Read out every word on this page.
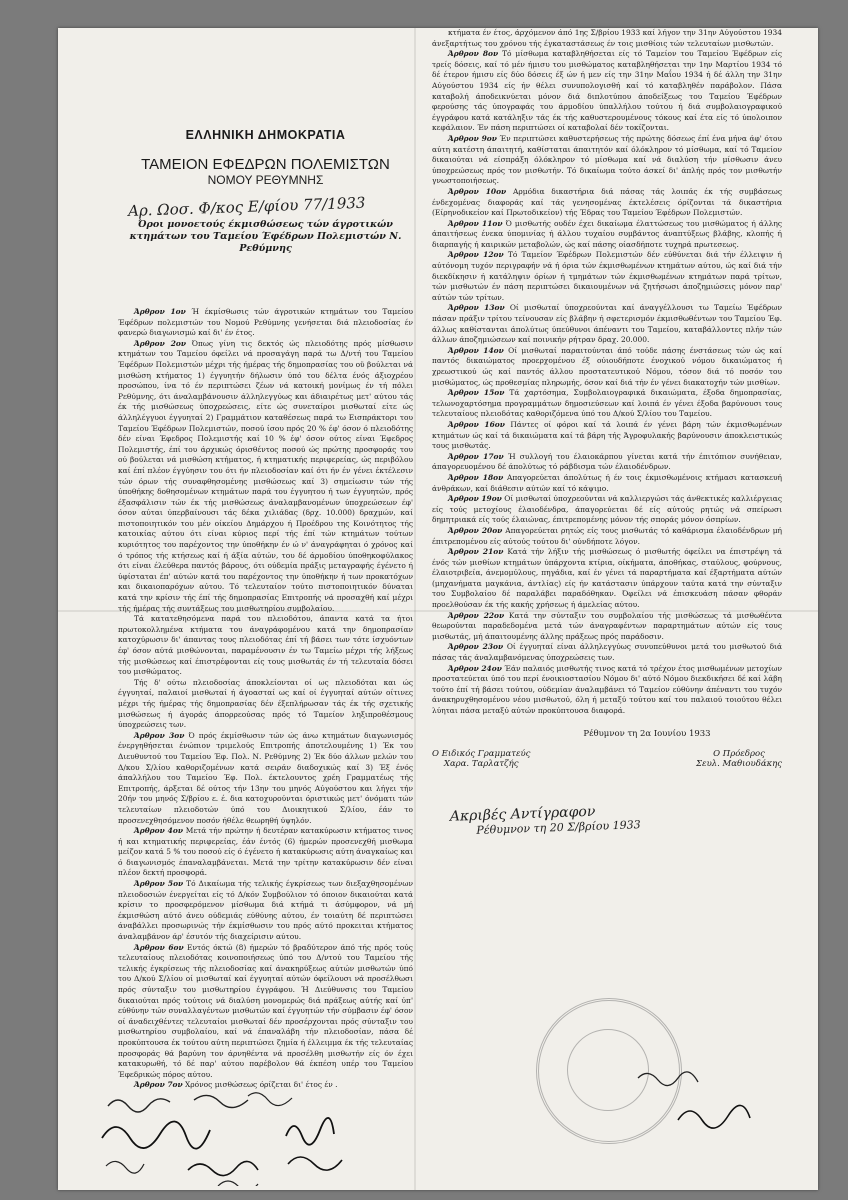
ΕΛΛΗΝΙΚΗ ΔΗΜΟΚΡΑΤΙΑ
ΤΑΜΕΙΟΝ ΕΦΕΔΡΩΝ ΠΟΛΕΜΙΣΤΩΝ
ΝΟΜΟΥ ΡΕΘΥΜΝΗΣ
Αρ. Ωοσ. Φ/κος Ε/φίου 77/1933
Όροι μονοετούς έκμισθώσεως τών άγροτικών κτημάτων του Ταμείου Έφέδρων Πολεμιστών Ν. Ρεθύμνης

Άρθρον 1ον Ή έκμίσθωσις τών άγροτικών κτημάτων του Ταμείου Έφέδρων πολεμιστών του Νομού Ρεθύμνης γενήσεται διά πλειοδοσίας έν φανερώ διαγωνισμώ καί δι' έν έτος.

Άρθρον 2ον Όπως γίνη τις δεκτός ώς πλειοδότης πρός μίσθωσιν κτημάτων του Ταμείου όφείλει νά προσαγάγη παρά τω Δ/ντή του Ταμείου Έφέδρων Πολεμιστών μέχρι τής ήμέρας τής δημοπρασίας του οϋ βούλεται νά μισθώση κτήματος 1) έγγυητήν δήλωσιν ύπό του δέλτα ένός άξιοχρέου προσώπου, ίνα τό έν περιπτώσει ζέων νά κατοική μονίμως έν τή πόλει Ρεθύμνης, ότι άναλαμβάνουσιν άλληλεγγύως και άδιαιρέτως μετ' αύτου τάς έκ τής μισθώσεως ύποχρεώσεις, είτε ώς συνεταίροι μισθωταί είτε ώς άλληλέγγυοι έγγυηταί 2) Γραμμάτιον καταθέσεως παρά τω Εισπράκτορι του Ταμείου Έφέδρων Πολεμιστών, ποσού ίσου πρός 20 % έφ' όσον ό πλειοδότης δέν είναι Έφεδρος Πολεμιστής καί 10 % έφ' όσον ούτος είναι Έφεδρος Πολεμιστής, έπί του άρχικώς όρισθέντος ποσού ώς πρώτης προσφοράς του ού βούλεται νά μισθώση κτήματος, ή κτηματικής περιφερείας, ώς περιβόλου καί έπί πλέον έγγύησιν του ότι ήν πλειοδοσίαν καί ότι ήν έν γένει έκτέλεσιν τών όρων τής συναφθησομένης μισθώσεως καί 3) σημείωσιν τών τής ύποθήκης δοθησομένων κτημάτων παρά του έγγυητου ή των έγγυητών, πρός έξασφάλισιν τών έκ τής μισθώσεως άναλαμβανομένων ύποχρεώσεων έφ' όσον αύται ύπερβαίνουσι τάς δέκα χιλιάδας (δρχ. 10.000) δραχμών, καί πιστοποιητικόν του μέν οίκείου Δημάρχου ή Προέδρου της Κοινότητος τής κατοικίας αύτου ότι είναι κύριος περί τής έπί τών κτημάτων τούτων κυριότητος του παρέχοντος την ύποθήκην έν ώ ν' άναγράφηται ό χρόνος καί ό τρόπος τής κτήσεως καί ή άξία αύτών, του δέ άρμοδίου ύποθηκοφύλακος ότι είναι έλεύθερα παντός βάρους, ότι ούδεμία πράξις μεταγραφής έγένετο ή ύφίσταται έπ' αύτών κατά του παρέχοντος την ύποθήκην ή των προκατόχων και δικαιοπαρόχων αύτου. Τό τελευταίον τούτο πιστοποιητικόν δύναται κατά την κρίσιν τής έπί τής δημοπρασίας Επιτροπής νά προσαχθή καί μέχρι τής ήμέρας τής συντάξεως του μισθωτηρίου συμβολαίου.

Τά κατατεθησόμενα παρά του πλειοδότου, άπαντα κατά τα ήτοι πρωτοκολλημένα κτήματα του άναγράφομένου κατά την δημοπρασίαν κατοχύρωσιν δι' άπαντας τους πλειοδότας έπί τή βάσει των τότε ίσχυόντων έφ' όσον αύτά μισθώνονται, παραμένουσιν έν τω Ταμείω μέχρι τής λήξεως τής μισθώσεως καί έπιστρέφονται είς τους μισθωτάς έν τή τελευταία δόσει του μισθώματος.

Τής δ' ούτω πλειοδοσίας άποκλείονται οί ως πλειοδόται και ώς έγγυηταί, παλαιοί μισθωταί ή άγοασταί ως καί οί έγγυηταί αύτών οίτινες μέχρι τής ήμέρας τής δημοπρασίας δέν έξεπλήρωσαν τάς έκ τής σχετικής μισθώσεως ή άγοράς άπορρεούσας πρός τό Ταμείον ληξιπροθέσμους ύποχρεώσεις των.

Άρθρον 3ον Ό πρός έκμίσθωσιν τών ώς άνω κτημάτων διαγωνισμός ένεργηθήσεται ένώπιον τριμελούς Επιτροπής άποτελουμένης 1) Έκ του Διευθυντού του Ταμείου Έφ. Πολ. Ν. Ρεθύμνης 2) Έκ δύο άλλων μελών του Δ/κου Σ/λίου καθοριζομένων κατά σειράν διαδοχικώς καί 3) Έξ ένός άπαλλήλου του Ταμείου Έφ. Πολ. έκτελουντος χρέη Γραμματέως τής Επιτροπής, άρξεται δέ ούτος τήν 13ην του μηνός Αύγούστου και λήγει τήν 20ήν του μηνός Σ/βρίου ε. έ. δια κατοχυρούνται όριστικώς μετ' όνόματι τών τελευταίων πλειοδοτών ύπό του Διοικητικού Σ/λίου, έάν το προσενεχθησόμενον ποσόν ήθέλε θεωρηθή ύψηλόν.

Άρθρον 4ον Μετά τήν πρώτην ή δευτέραν κατακύρωσιν κτήματος τινος ή και κτηματικής περιφερείας, έάν έντός (6) ήμερών προσενεχθή μισθωμα μείζον κατά 5 % του ποσού είς ό έγένετο ή κατακύρωσις αύτη άναγκαίως και ό διαγωνισμός έπαναλαμβάνεται. Μετά την τρίτην κατακύρωσιν δέν είναι πλέον δεκτή προσφορά.

Άρθρον 5ον Τό Δικαίωμα τής τελικής έγκρίσεως των διεξαχθησομένων πλειοδοσιών ένεργείται είς τό Δ/κόν Συμβούλιον τό όποιον δικαιούται κατά κρίσιν το προσφερόμενον μίσθωμα διά κτήμά τι άσύμφορον, νά μή έκμισθώση αύτό άνευ ούδεμιάς εύθύνης αύτου, έν τοιαύτη δέ περιπτώσει άναβάλλει προσωρινώς τήν έκμίσθωσιν του πρός αύτό προκειται κτήματος άναλαμβάνον άρ' έσυτόν τής διαχείρισιν αύτου.

Άρθρον 6ον Εντός όκτώ (8) ήμερών τό βραδύτερον άπό τής πρός τούς τελευταίους πλειοδότας κοινοποιήσεως ύπό του Δ/ντού του Ταμείου τής τελικής έγκρίσεως τής πλειοδοσίας καί άνακηρύξεως αύτών μισθωτών ύπό του Δ/κού Σ/λίου οί μισθωταί καί έγγυηταί αύτών όφείλουσι νά προσέλθωσι πρός σύνταξιν του μισθωτηρίου έγγράφου. Ή Διεύθυνσις του Ταμείου δικαιούται πρός τούτοις νά διαλύση μονομερώς διά πράξεως αύτής καί ύπ' εύθύνην τών συναλλαγέντων μισθωτών καί έγγυητών τήν σύμβασιν έφ' όσον οί άναδειχθέντες τελευταίοι μισθωταί δέν προσέρχονται πρός σύνταξιν του μισθωτηρίου συμβολαίου, καί νά έπαναλάβη τήν πλειοδοσίαν, πάσα δέ προκύπτουσα έκ τούτου αύτη περιπτώσει ζημία ή έλλειμμα έκ τής τελευταίας προσφοράς θά βαρύνη τον άρνηθέντα νά προσέλθη μισθωτήν είς όν έχει κατακυρωθή, τό δέ παρ' αύτου παρέβολον θά έκπέση υπέρ του Ταμείου Έφεδρικώς πόρος αύτου.

Άρθρον 7ον Χρόνος μισθώσεως όρίζεται δι' έτος έν .

κτήματα έν έτος, άρχόμενον άπό 1ης Σ/βρίου 1933 καί λήγον την 31ην Αύγούστου 1934 άνεξαρτήτως του χρόνου τής έγκαταστάσεως έν τοις μισθίοις τών τελευταίων μισθωτών.

Άρθρον 8ον Τό μίσθωμα καταβληθήσεται είς τό Ταμείον του Ταμείου Έφέδρων είς τρείς δόσεις, καί τό μέν ήμισυ του μισθώματος καταβληθήσεται την 1ην Μαρτίου 1934 τό δέ έτερον ήμισυ είς δύο δόσεις έξ ών ή μεν είς την 31ην Μαΐου 1934 ή δέ άλλη την 31ην Αύγούστου 1934 είς ήν θέλει συνυπολογισθή καί τό καταβληθέν παράβολον. Πάσα καταβολή άποδεικνύεται μόνον διά διπλοτύπου άποδείξεως του Ταμείου Έφέδρων φερούσης τάς ύπογραφάς του άρμοδίου ύπαλλήλου τούτου ή διά συμβολαιογραφικού έγγράφου κατά κατάληξιν τάς έκ τής καθυστερουμένους τόκους καί έτα είς τό ύπολοιπον κεφάλαιον. Έν πάση περιπτώσει οί καταβολαί δέν τοκίζονται.

Άρθρον 9ον Έν περιπτώσει καθυστερήσεως τής πρώτης δόσεως έπί ένα μήνα άφ' ότου αύτη κατέστη άπαιτητή, καθίσταται άπαιτητόν καί όλόκληρον τό μίσθωμα, καί τό Ταμείον δικαιούται νά είσπράξη όλόκληρον τό μίσθωμα καί νά διαλύση τήν μίσθωσιν άνευ ύποχρεώσεως πρός τον μισθωτήν. Τό δικαίωμα τούτο άσκεί δι' άπλής πρός τον μισθωτήν γνωστοποιήσεως.

Άρθρον 10ον Αρμόδια δικαστήρια διά πάσας τάς λοιπάς έκ τής συμβάσεως ένδεχομένας διαφοράς καί τάς γενησομένας έκτελέσεις όρίζονται τά δικαστήρια (Είρηνοδικείον καί Πρωτοδικείον) τής Έδρας του Ταμείου Έφέδρων Πολεμιστών.

Άρθρον 11ον Ό μισθωτής ουδέν έχει δικαίωμα έλαττώσεως του μισθώματος ή άλλης άπαιτήσεως ένεκα ύπομινίας ή άλλου τυχαίου συμβάντος άναπτύξεως βλάβης, κλοπής ή διαρπαγής ή καιρικών μεταβολών, ώς καί πάσης οίασδήποτε τυχηρά πρωτεσεως.

Άρθρον 12ον Τό Ταμείον Έφέδρων Πολεμιστών δέν εύθύνεται διά τήν έλλειψιν ή αύτόνομη τυχόν περιγραφήν νά ή όρια τών έκμισθωμένων κτημάτων αύτου, ώς καί διά τήν διεκδίκησιν ή κατάληψιν όρίων ή τμημάτων τών έκμισθωμένων κτημάτων παρά τρίτων, τών μισθωτών έν πάση περιπτώσει δικαιουμένων νά ζητήσωσι άποζημιώσεις μόνον παρ' αύτών τών τρίτων.

Άρθρον 13ον Οί μισθωταί ύποχρεούνται καί άναγγέλλουσι τω Ταμείω Έφέδρων πάσαν πράξιν τρίτου τείνουσαν είς βλάβην ή σφετερισμόν έκμισθωθέντων του Ταμείου Έφ. άλλως καθίστανται άπολύτως ύπεύθυνοι άπέναντι του Ταμείου, καταβάλλοντες πλήν τών άλλων άποζημιώσεων καί ποινικήν ρήτραν δραχ. 20.000.

Άρθρον 14ον Οί μισθωταί παραιτούνται άπό τούδε πάσης ένστάσεως τών ώς καί παντός δικαιώματος προερχομένου έξ ούιουδήποτε ένοχικού νόμου δικαιώματος ή χρεωστικού ώς καί παντός άλλου προστατευτικού Νόμου, τόσον διά τό ποσόν του μισθώματος, ώς προθεσμίας πληρωμής, όσον καί διά τήν έν γένει διακατοχήν τών μισθίων.

Άρθρον 15ον Τά χαρτόσημα, Συμβολαιογραφικά δικαιώματα, έξοδα δημοπρασίας, τελωνοχαρτόσημα προγραμμάτων δημοσιεύσεων καί λοιπά έν γένει έξοδα βαρύνουσι τους τελευταίους πλειοδότας καθοριζόμενα ύπό του Δ/κού Σ/λίου του Ταμείου.

Άρθρον 16ον Πάντες οί φόροι καί τά λοιπά έν γένει βάρη τών έκμισθωμένων κτημάτων ώς καί τά δικαιώματα καί τά βάρη τής Άγροφυλακής βαρύνουσιν άποκλειστικώς τους μισθωτάς.

Άρθρον 17ον Ή συλλογή του έλαιοκάρπου γίνεται κατά τήν έπιτόπιον συνήθειαν, άπαγορευομένου δέ άπολύτως τό ράβδισμα τών έλαιοδένδρων.

Άρθρον 18ον Απαγορεύεται άπολύτως ή έν τοις έκμισθωμένοις κτήμασι κατασκευή άνθράκων, καί διάθεσιν αύτών καί τό κάψιμο.

Άρθρον 19ον Οί μισθωταί ύποχρεούνται νά καλλιεργώσι τάς άνθεκτικές καλλιέργειας είς τούς μετοχίους έλαιοδένδρα, άπαγορεύεται δέ είς αύτούς ρητώς νά σπείρωσι δημητριακά είς τούς έλαιώνας, έπιτρεπομένης μόνον τής σποράς μόνον όσπρίων.

Άρθρον 20ον Απαγορεύεται ρητώς είς τους μισθωτάς τό καθάρισμα έλαιοδένδρων μή έπιτρεπομένου είς αύτούς τούτου δι' ούνδήποτε λόγον.

Άρθρον 21ον Κατά τήν λήξιν τής μισθώσεως ό μισθωτής όφείλει να έπιστρέψη τά ένός τών μισθίων κτημάτων ύπάρχοντα κτίρια, οίκήματα, άποθήκας, σταύλους, φούρνους, έλαιοτριβεία, άνεμομύλους, πηγάδια, καί έν γένει τά παραρτήματα καί έξαρτήματα αύτών (μηχανήματα μαγκάνια, άντλίας) είς ήν κατάστασιν ύπάρχουν ταύτα κατά την σύνταξιν του Συμβολαίου δέ παραλάβει παραδόθηκαν. Όφείλει νά έπισκευάση πάσαν φθοράν προελθούσαν έκ τής κακής χρήσεως ή άμελείας αύτου.

Άρθρον 22ον Κατά την σύνταξιν του συμβολαίου τής μισθώσεως τά μισθωθέντα θεωρούνται παραδεδομένα μετά τών άναγραφέντων παραρτημάτων αύτών είς τους μισθωτάς, μή άπαιτουμένης άλλης πράξεως πρός παράδοσιν.

Άρθρον 23ον Οί έγγυηταί είναι άλληλεγγύως συνυπεύθυνοι μετά του μισθωτού διά πάσας τάς άναλαμβανόμενας ύποχρεώσεις των.

Άρθρον 24ον Έάν παλαιός μισθωτής τινος κατά τό τρέχον έτος μισθωμένων μετοχίων προστατεύεται ύπό του περί ένοικιοστασίου Νόμου δι' αύτό Νόμου διεκδικήσει δέ καί λάβη τούτο έπί τή βάσει τούτου, ούδεμίαν άναλαμβάνει τό Ταμείον εύθύνην άπέναντι του τυχόν άνακηρυχθησομένου νέου μισθωτού, όλη ή μεταξύ τούτου καί του παλαιού τοιούτου θέλει λύηται πάσα μεταξύ αύτών προκύπτουσα διαφορά.

Ρέθυμνον τη 2α Ιουνίου 1933
Ο Ειδικός Γραμματεύς
Χαρα. Ταρλατζής
Ο Πρόεδρος
Σευλ. Μαθιουδάκης
Ακριβές Αντίγραφον
Ρέθυμνον τη 20 Σ/βρίου 1933
